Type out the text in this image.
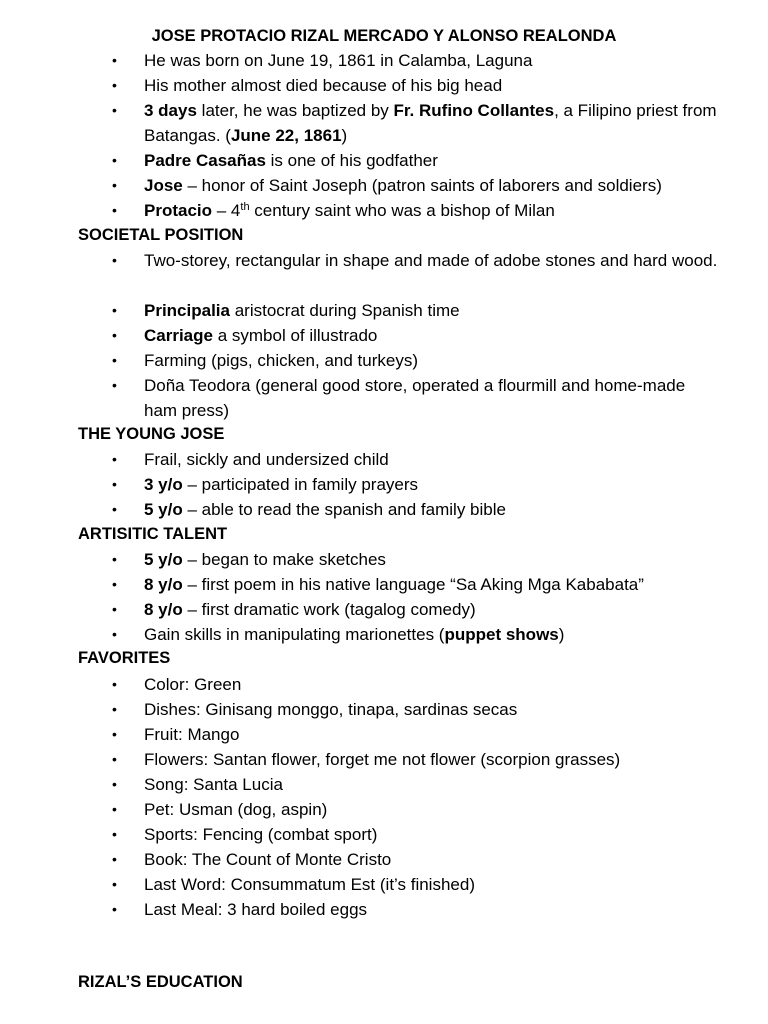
JOSE PROTACIO RIZAL MERCADO Y ALONSO REALONDA
• He was born on June 19, 1861 in Calamba, Laguna
• His mother almost died because of his big head
• 3 days later, he was baptized by Fr. Rufino Collantes, a Filipino priest from Batangas. (June 22, 1861)
• Padre Casañas is one of his godfather
• Jose – honor of Saint Joseph (patron saints of laborers and soldiers)
• Protacio – 4th century saint who was a bishop of Milan
SOCIETAL POSITION
• Two-storey, rectangular in shape and made of adobe stones and hard wood.
• Principalia aristocrat during Spanish time
• Carriage a symbol of illustrado
• Farming (pigs, chicken, and turkeys)
• Doña Teodora (general good store, operated a flourmill and home-made ham press)
THE YOUNG JOSE
• Frail, sickly and undersized child
• 3 y/o – participated in family prayers
• 5 y/o – able to read the spanish and family bible
ARTISITIC TALENT
• 5 y/o – began to make sketches
• 8 y/o – first poem in his native language “Sa Aking Mga Kababata”
• 8 y/o – first dramatic work (tagalog comedy)
• Gain skills in manipulating marionettes (puppet shows)
FAVORITES
• Color: Green
• Dishes: Ginisang monggo, tinapa, sardinas secas
• Fruit: Mango
• Flowers: Santan flower, forget me not flower (scorpion grasses)
• Song: Santa Lucia
• Pet: Usman (dog, aspin)
• Sports: Fencing (combat sport)
• Book: The Count of Monte Cristo
• Last Word: Consummatum Est (it’s finished)
• Last Meal: 3 hard boiled eggs
RIZAL’S EDUCATION
